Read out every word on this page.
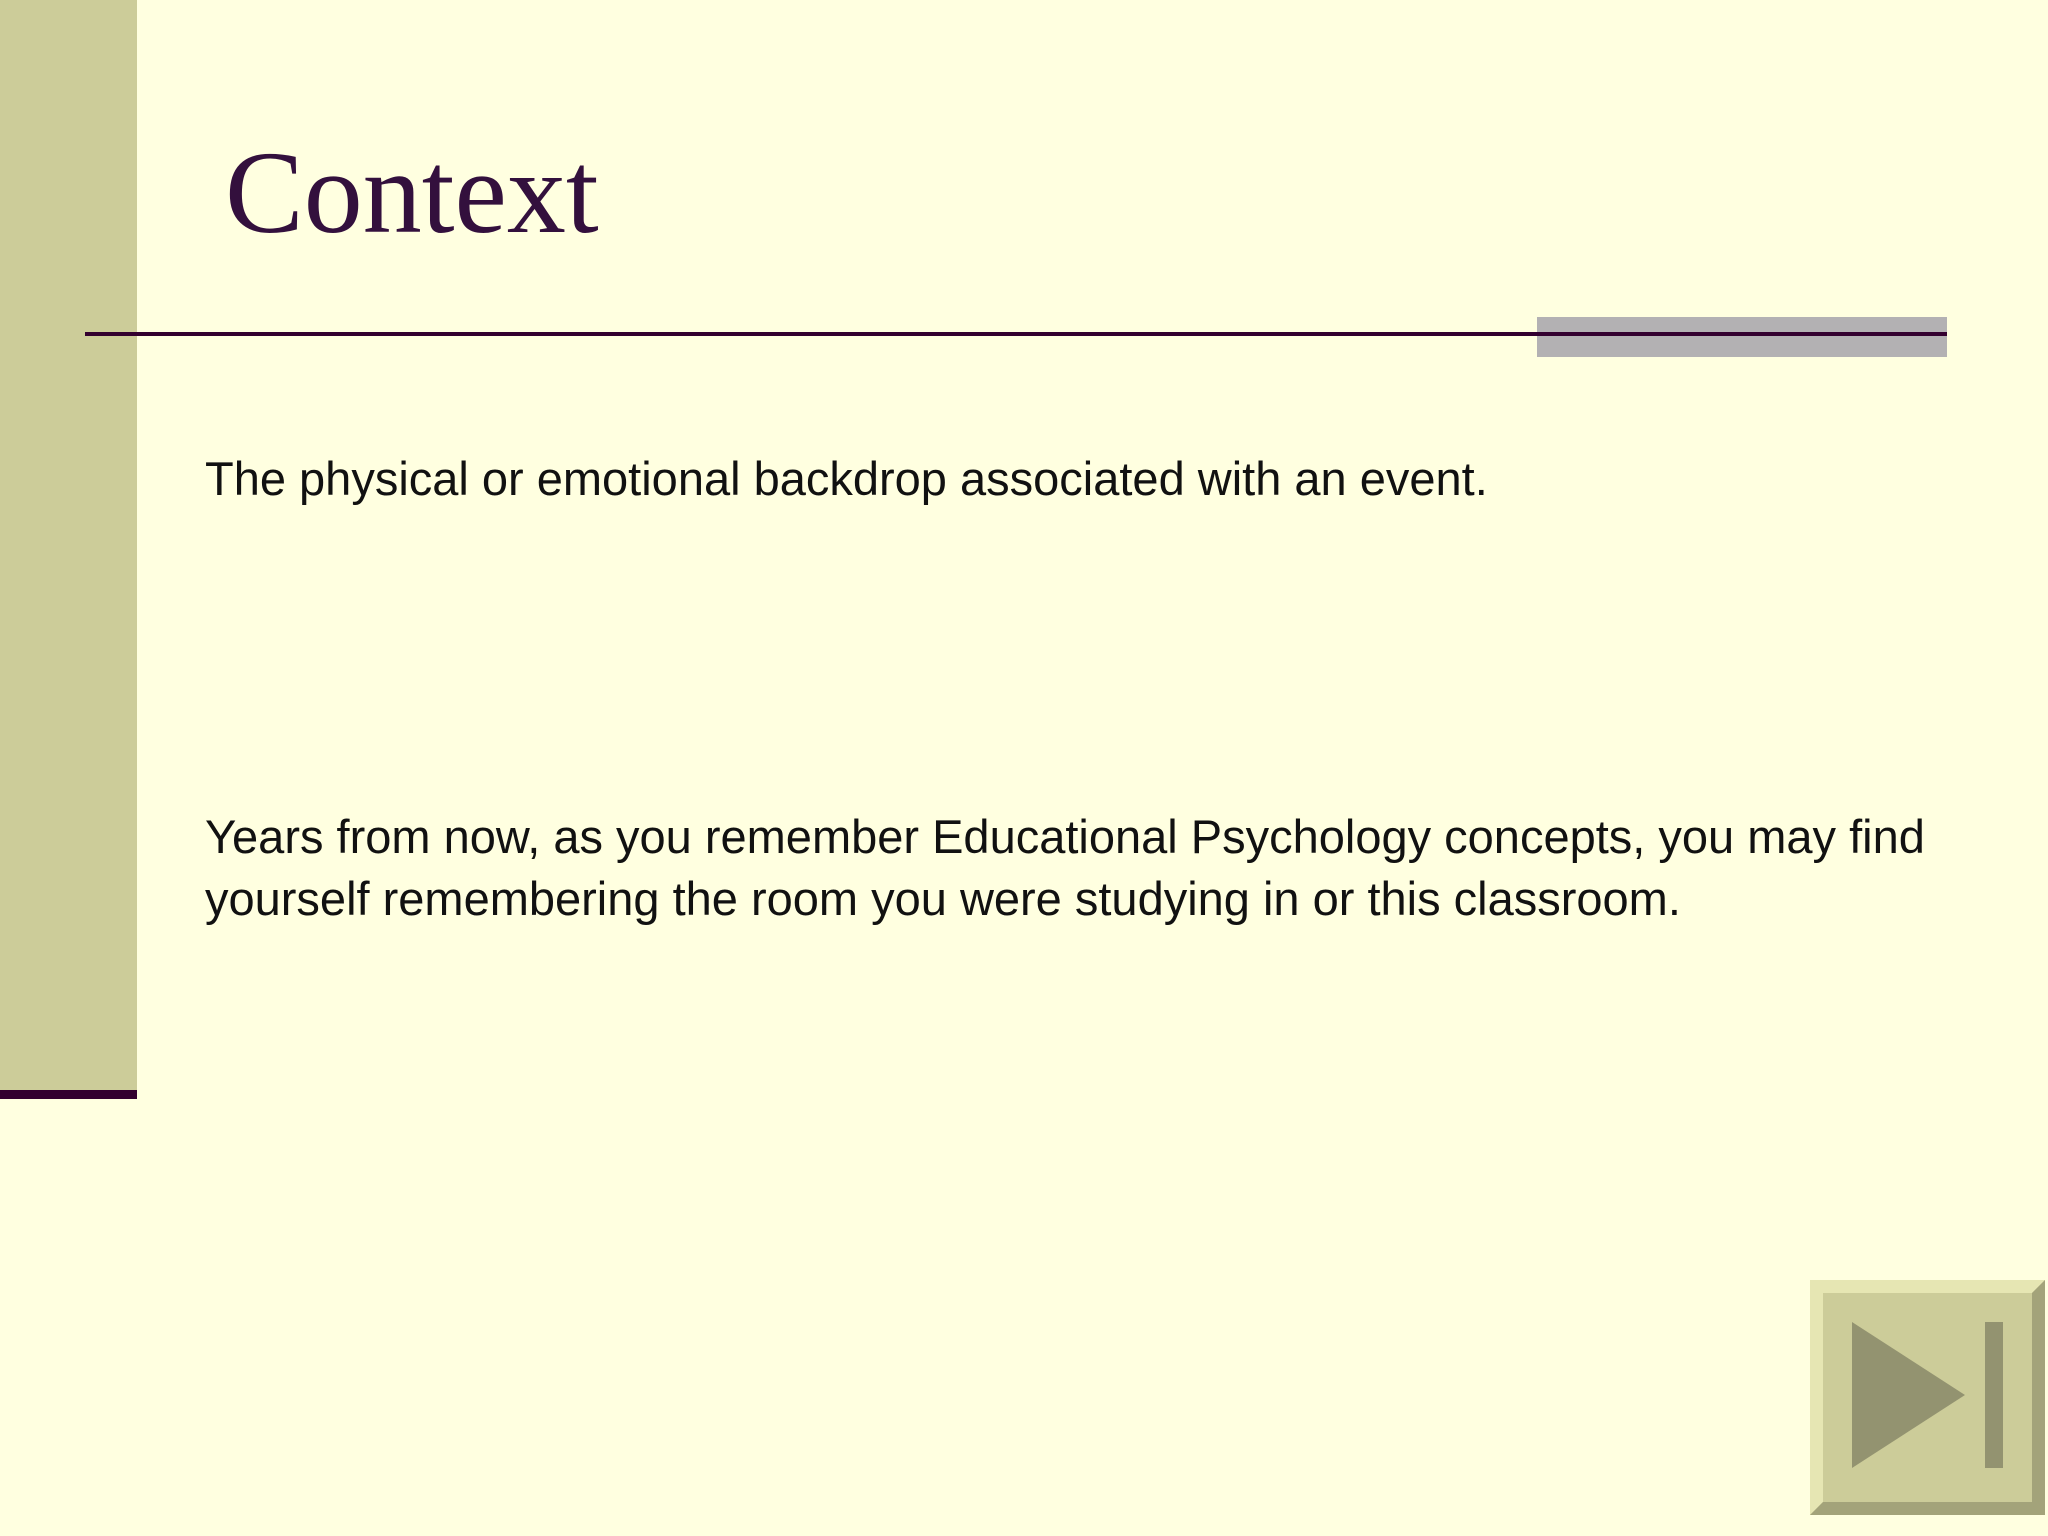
Context

The physical or emotional backdrop associated with an event.

Years from now, as you remember Educational Psychology concepts, you may find yourself remembering the room you were studying in or this classroom.
